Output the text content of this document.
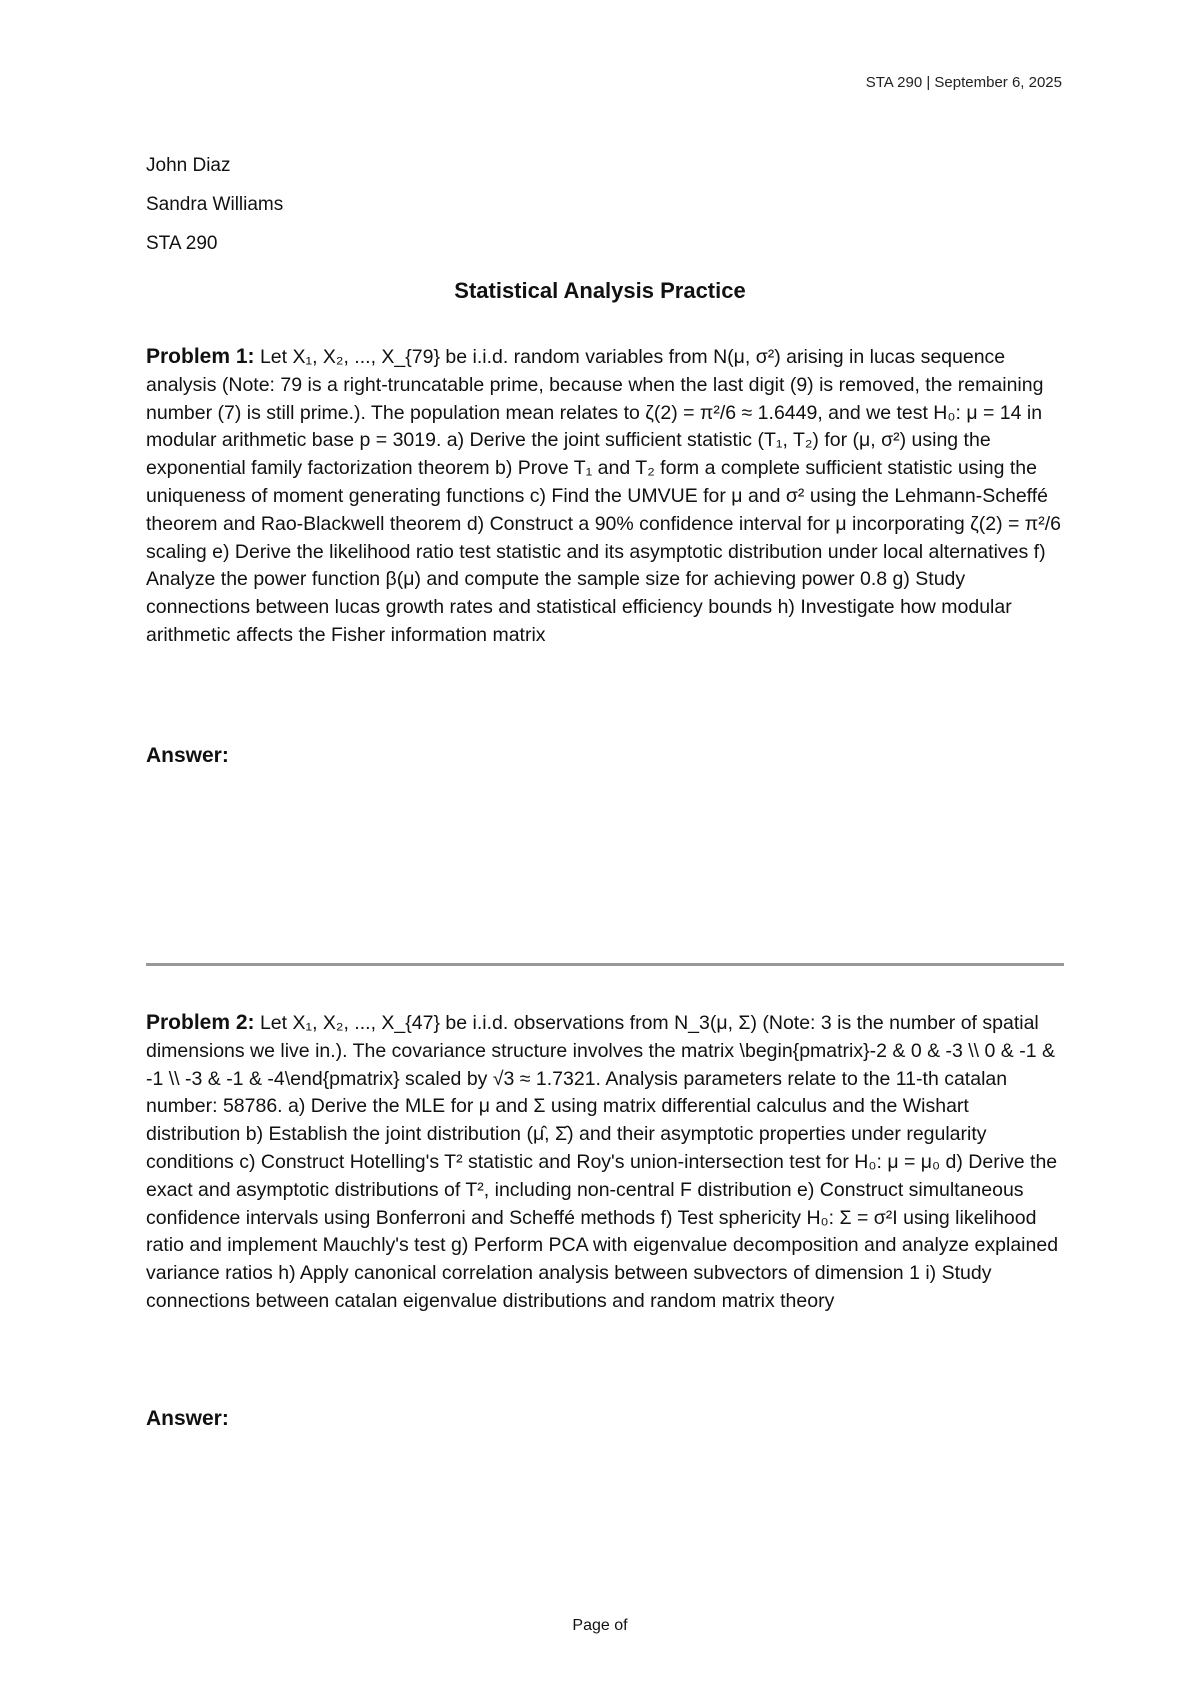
STA 290 | September 6, 2025
John Diaz
Sandra Williams
STA 290
Statistical Analysis Practice
Problem 1: Let X₁, X₂, ..., X_{79} be i.i.d. random variables from N(μ, σ²) arising in lucas sequence analysis (Note: 79 is a right-truncatable prime, because when the last digit (9) is removed, the remaining number (7) is still prime.). The population mean relates to ζ(2) = π²/6 ≈ 1.6449, and we test H₀: μ = 14 in modular arithmetic base p = 3019. a) Derive the joint sufficient statistic (T₁, T₂) for (μ, σ²) using the exponential family factorization theorem b) Prove T₁ and T₂ form a complete sufficient statistic using the uniqueness of moment generating functions c) Find the UMVUE for μ and σ² using the Lehmann-Scheffé theorem and Rao-Blackwell theorem d) Construct a 90% confidence interval for μ incorporating ζ(2) = π²/6 scaling e) Derive the likelihood ratio test statistic and its asymptotic distribution under local alternatives f) Analyze the power function β(μ) and compute the sample size for achieving power 0.8 g) Study connections between lucas growth rates and statistical efficiency bounds h) Investigate how modular arithmetic affects the Fisher information matrix
Answer:
Problem 2: Let X₁, X₂, ..., X_{47} be i.i.d. observations from N_3(μ, Σ) (Note: 3 is the number of spatial dimensions we live in.). The covariance structure involves the matrix \begin{pmatrix}-2 & 0 & -3 \\ 0 & -1 & -1 \\ -3 & -1 & -4\end{pmatrix} scaled by √3 ≈ 1.7321. Analysis parameters relate to the 11-th catalan number: 58786. a) Derive the MLE for μ and Σ using matrix differential calculus and the Wishart distribution b) Establish the joint distribution (μ̂, Σ̂) and their asymptotic properties under regularity conditions c) Construct Hotelling's T² statistic and Roy's union-intersection test for H₀: μ = μ₀ d) Derive the exact and asymptotic distributions of T², including non-central F distribution e) Construct simultaneous confidence intervals using Bonferroni and Scheffé methods f) Test sphericity H₀: Σ = σ²I using likelihood ratio and implement Mauchly's test g) Perform PCA with eigenvalue decomposition and analyze explained variance ratios h) Apply canonical correlation analysis between subvectors of dimension 1 i) Study connections between catalan eigenvalue distributions and random matrix theory
Answer:
Page of
